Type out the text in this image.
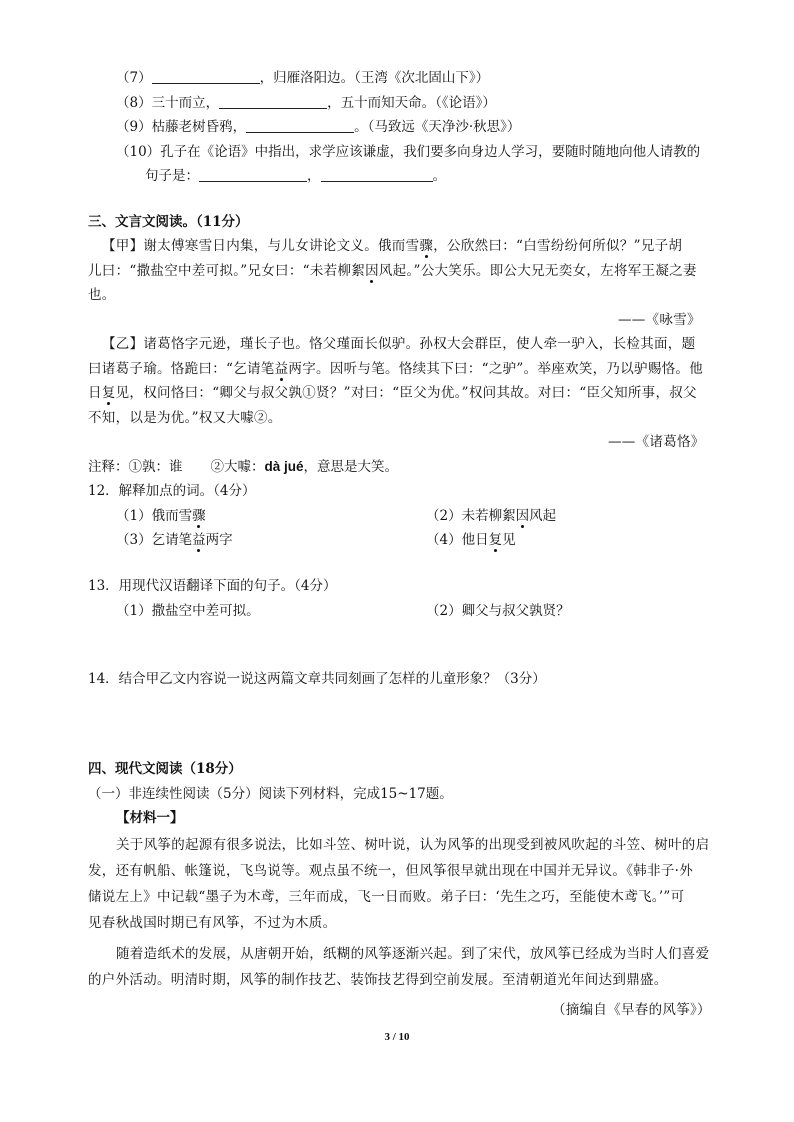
（7）	，归雁洛阳边。（王湾《次北固山下》）
（8）三十而立，	，五十而知天命。（《论语》）
（9）枯藤老树昏鸦，	。（马致远《天净沙·秋思》）
（10）孔子在《论语》中指出，求学应该谦虚，我们要多向身边人学习，要随时随地向他人请教的
句子是：	，	。
三、文言文阅读。（11分）
【甲】谢太傅寒雪日内集，与儿女讲论文义。俄而雪骤，公欣然曰：“白雪纷纷何所似？”兄子胡
儿曰：“撒盐空中差可拟。”兄女曰：“未若柳絮因风起。”公大笑乐。即公大兄无奕女，左将军王凝之妻
也。
——《咏雪》
【乙】诸葛恪字元逊，瑾长子也。恪父瑾面长似驴。孙权大会群臣，使人牵一驴入，长检其面，题
曰诸葛子瑜。恪跪曰：“乞请笔益两字。因听与笔。恪续其下曰：“之驴”。举座欢笑，乃以驴赐恪。他
日复见，权问恪曰：“卿父与叔父孰①贤？”对曰：“臣父为优。”权问其故。对曰：“臣父知所事，叔父
不知，以是为优。”权又大噱②。
——《诸葛恪》
注释：①孰：谁 ②大噱：dà jué，意思是大笑。
12．解释加点的词。（4分）
（1）俄而雪骤	（2）未若柳絮因风起
（3）乞请笔益两字	（4）他日复见
13．用现代汉语翻译下面的句子。（4分）
（1）撒盐空中差可拟。	（2）卿父与叔父孰贤？
14．结合甲乙文内容说一说这两篇文章共同刻画了怎样的儿童形象？（3分）
四、现代文阅读（18分）
（一）非连续性阅读（5分）阅读下列材料，完成15~17题。
【材料一】
关于风筝的起源有很多说法，比如斗笠、树叶说，认为风筝的出现受到被风吹起的斗笠、树叶的启
发，还有帆船、帐篷说，飞鸟说等。观点虽不统一，但风筝很早就出现在中国并无异议。《韩非子·外
储说左上》中记载“墨子为木鸢，三年而成，飞一日而败。弟子曰：‘先生之巧，至能使木鸢飞。’”可
见春秋战国时期已有风筝，不过为木质。
随着造纸术的发展，从唐朝开始，纸糊的风筝逐渐兴起。到了宋代，放风筝已经成为当时人们喜爱
的户外活动。明清时期，风筝的制作技艺、装饰技艺得到空前发展。至清朝道光年间达到鼎盛。
（摘编自《早春的风筝》）
3 / 10
